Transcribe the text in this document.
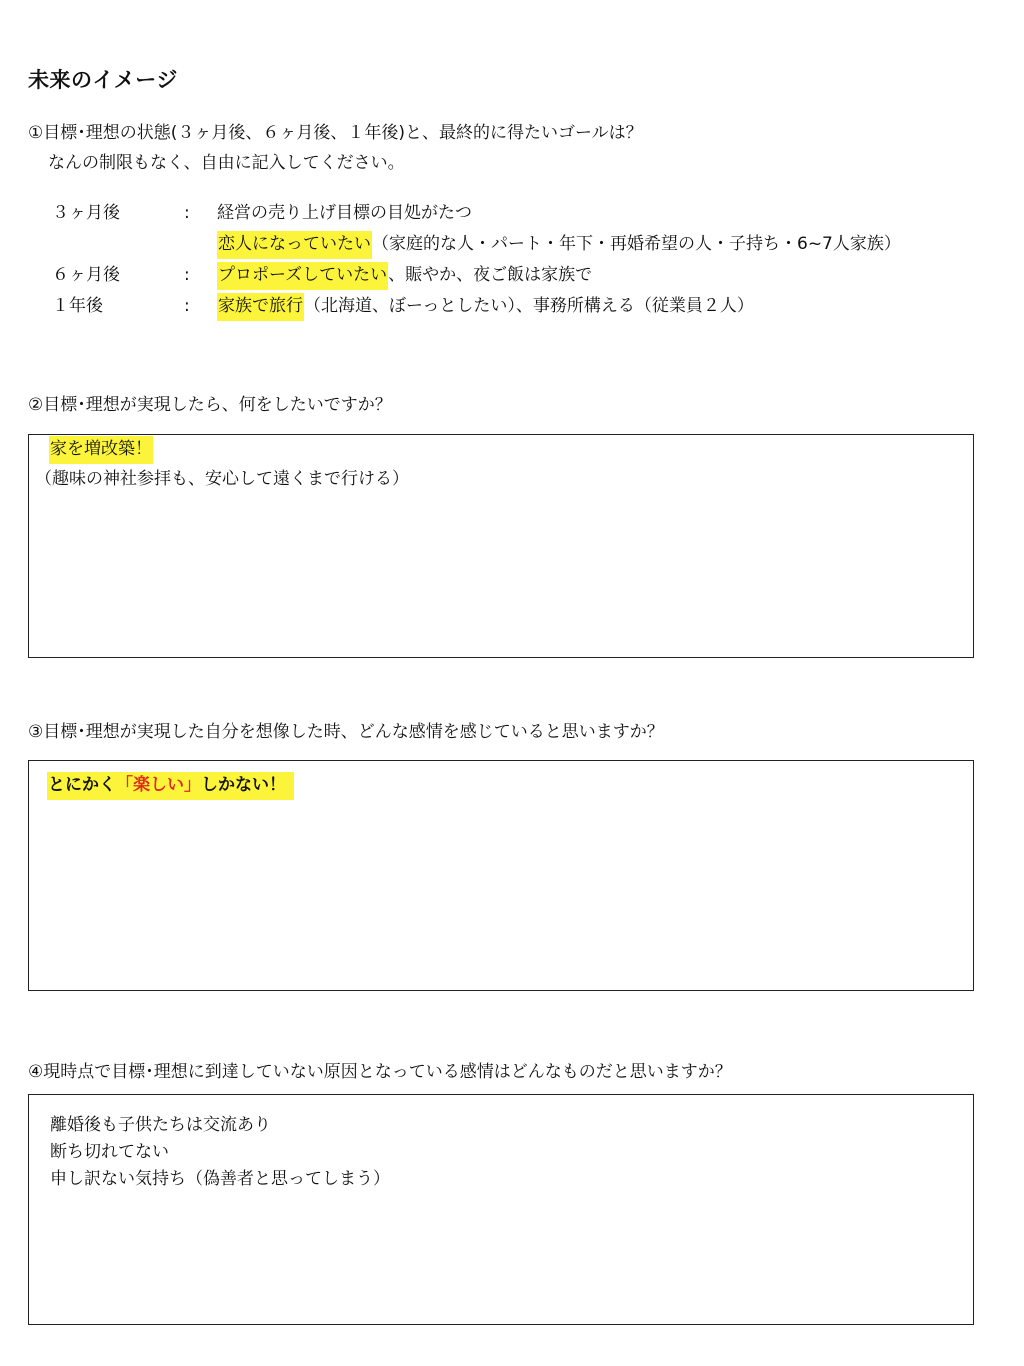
未来のイメージ
①目標･理想の状態(３ヶ月後、６ヶ月後、１年後)と、最終的に得たいゴールは？
なんの制限もなく、自由に記入してください。
３ヶ月後	: 経営の売り上げ目標の目処がたつ
恋人になっていたい（家庭的な人・パート・年下・再婚希望の人・子持ち・6~7人家族）
６ヶ月後	: プロポーズしていたい、賑やか、夜ご飯は家族で
１年後	: 家族で旅行（北海道、ぼーっとしたい）、事務所構える（従業員２人）
②目標･理想が実現したら、何をしたいですか？
家を増改築！
（趣味の神社参拝も、安心して遠くまで行ける）
③目標･理想が実現した自分を想像した時、どんな感情を感じていると思いますか？
とにかく「楽しい」しかない！
④現時点で目標･理想に到達していない原因となっている感情はどんなものだと思いますか？
離婚後も子供たちは交流あり
断ち切れてない
申し訳ない気持ち（偽善者と思ってしまう）
